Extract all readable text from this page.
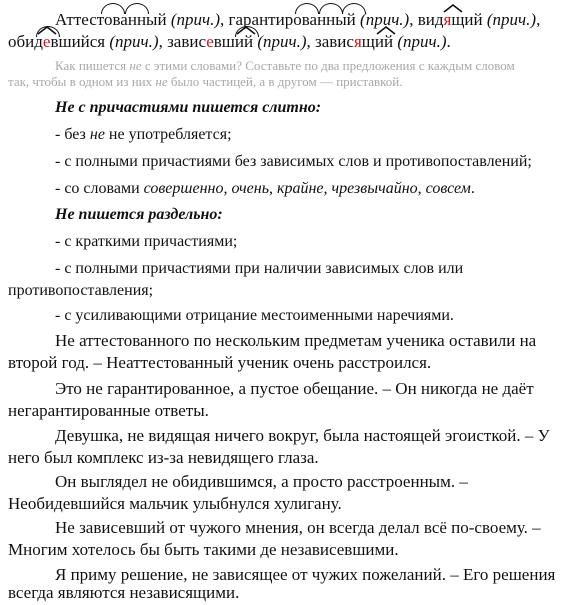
Аттестованный (прич.), гарантированный (прич.), видящий (прич.),
обидевшийся (прич.), зависевший (прич.), зависящий (прич.).
Как пишется не с этими словами? Составьте по два предложения с каждым словом
так, чтобы в одном из них не было частицей, а в другом — приставкой.
Не с причастиями пишется слитно:
- без не не употребляется;
- с полными причастиями без зависимых слов и противопоставлений;
- со словами совершенно, очень, крайне, чрезвычайно, совсем.
Не пишется раздельно:
- с краткими причастиями;
- с полными причастиями при наличии зависимых слов или
противопоставления;
- с усиливающими отрицание местоименными наречиями.
Не аттестованного по нескольким предметам ученика оставили на
второй год. – Неаттестованный ученик очень расстроился.
Это не гарантированное, а пустое обещание. – Он никогда не даёт
негарантированные ответы.
Девушка, не видящая ничего вокруг, была настоящей эгоисткой. – У
него был комплекс из-за невидящего глаза.
Он выглядел не обидившимся, а просто расстроенным. –
Необидевшийся мальчик улыбнулся хулигану.
Не зависевший от чужого мнения, он всегда делал всё по-своему. –
Многим хотелось бы быть такими де независевшими.
Я приму решение, не зависящее от чужих пожеланий. – Его решения
всегда являются независящими.
